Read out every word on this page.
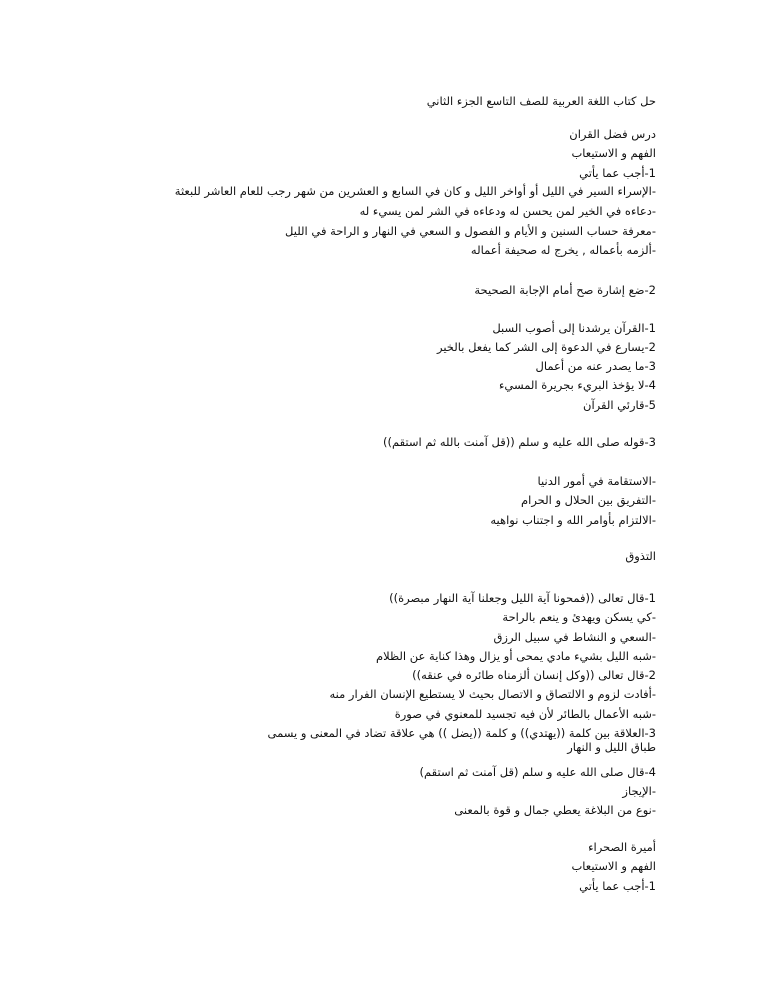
حل كتاب اللغة العربية للصف التاسع الجزء الثاني
درس فضل القران
الفهم و الاستيعاب
1-أجب عما يأتي
-الإسراء السير في الليل أو أواخر الليل و كان في السابع و العشرين من شهر رجب للعام العاشر للبعثة
-دعاءه في الخير لمن يحسن له ودعاءه في الشر لمن يسيء له
-معرفة حساب السنين و الأيام و الفصول و السعي في النهار و الراحة في الليل
-ألزمه بأعماله , يخرج له صحيفة أعماله
2-ضع إشارة صح أمام الإجابة الصحيحة
1-القرآن يرشدنا إلى أصوب السبل
2-يسارع في الدعوة إلى الشر كما يفعل بالخير
3-ما يصدر عنه من أعمال
4-لا يؤخذ البريء بجريرة المسيء
5-قارئي القرآن
3-قوله صلى الله عليه و سلم ((قل آمنت بالله ثم استقم))
-الاستقامة في أمور الدنيا
-التفريق بين الحلال و الحرام
-الالتزام بأوامر الله و اجتناب نواهيه
التذوق
1-قال تعالى ((فمحونا آية الليل وجعلنا آية النهار مبصرة))
-كي يسكن ويهدئ و ينعم بالراحة
-السعي و النشاط في سبيل الرزق
-شبه الليل بشيء مادي يمحى أو يزال وهذا كناية عن الظلام
2-قال تعالى ((وكل إنسان ألزمناه طائره في عنقه))
-أفادت لزوم و الالتصاق و الاتصال بحيث لا يستطيع الإنسان الفرار منه
-شبه الأعمال بالطائر لأن فيه تجسيد للمعنوي في صورة
3-العلاقة بين كلمة ((يهتدي)) و كلمة ((يضل )) هي علاقة تضاد في المعنى و يسمى طباق الليل و النهار
4-قال صلى الله عليه و سلم (قل آمنت ثم استقم)
-الإيجاز
-نوع من البلاغة يعطي جمال و قوة بالمعنى
أميرة الصحراء
الفهم و الاستيعاب
1-أجب عما يأتي
